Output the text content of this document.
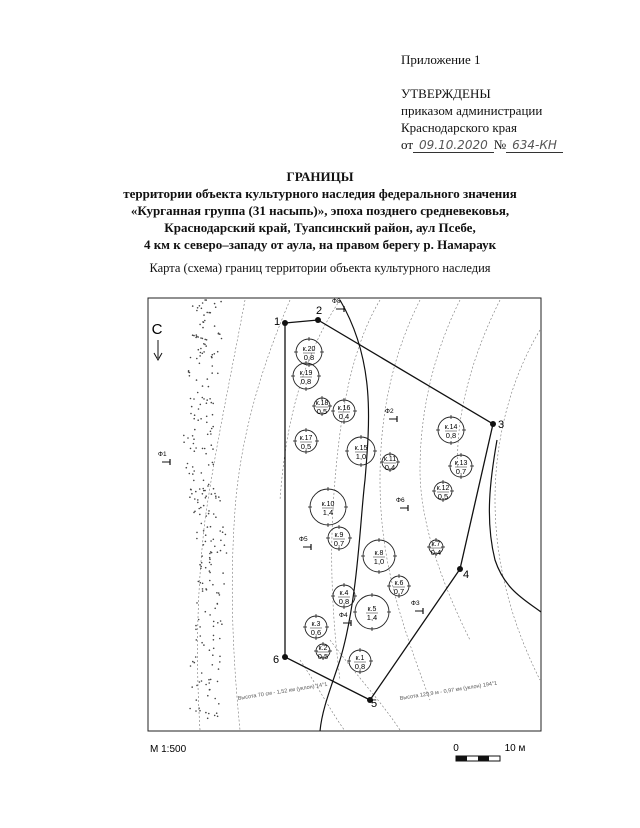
Приложение 1
УТВЕРЖДЕНЫ
приказом администрации
Краснодарского края
от 09.10.2020 № 634-КН
ГРАНИЦЫ
территории объекта культурного наследия федерального значения
«Курганная группа (31 насыпь)», эпоха позднего средневековья,
Краснодарский край, Туапсинский район, аул Псебе,
4 км к северо–западу от аула, на правом берегу р. Намараук
Карта (схема) границ территории объекта культурного наследия
1
2
3
4
5
6
к.20
0,8
к.19
0,8
к.18
0,5 к.16
0,4
к.17
0,5	к.15
1,0
к.14
0,8
к.13
0,7
к.11
0,4
к.12
0,5
к.10
1,4
к.9
0,7
к.8
1,0
к.7
0,4
к.6
0,7
к.4
0,8
к.5
1,4
к.3
0,6
к.2
0,5	к.1
0,8
Ф1
Ф2
Ф3
Ф4
Ф5
Ф6
Ф8
С
Высота 70 см - 1,52 км (уклон) 14°1	Высота 129,9 м - 0,97 км (уклон) 194°1
М 1:500	0	10 м
